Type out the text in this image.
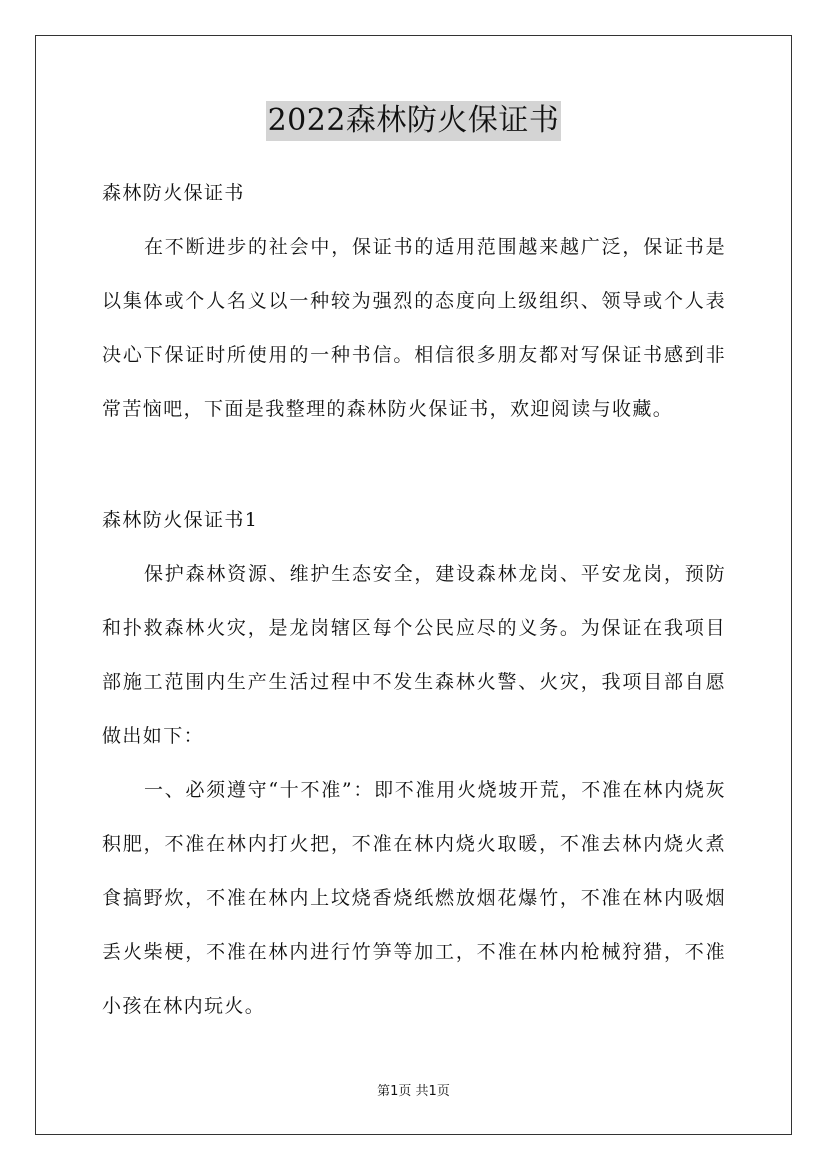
2022森林防火保证书

森林防火保证书

在不断进步的社会中，保证书的适用范围越来越广泛，保证书是以集体或个人名义以一种较为强烈的态度向上级组织、领导或个人表决心下保证时所使用的一种书信。相信很多朋友都对写保证书感到非常苦恼吧，下面是我整理的森林防火保证书，欢迎阅读与收藏。

森林防火保证书1

保护森林资源、维护生态安全，建设森林龙岗、平安龙岗，预防和扑救森林火灾，是龙岗辖区每个公民应尽的义务。为保证在我项目部施工范围内生产生活过程中不发生森林火警、火灾，我项目部自愿做出如下：

一、必须遵守“十不准”：即不准用火烧坡开荒，不准在林内烧灰积肥，不准在林内打火把，不准在林内烧火取暖，不准去林内烧火煮食搞野炊，不准在林内上坟烧香烧纸燃放烟花爆竹，不准在林内吸烟丢火柴梗，不准在林内进行竹笋等加工，不准在林内枪械狩猎，不准小孩在林内玩火。

第1页 共1页
